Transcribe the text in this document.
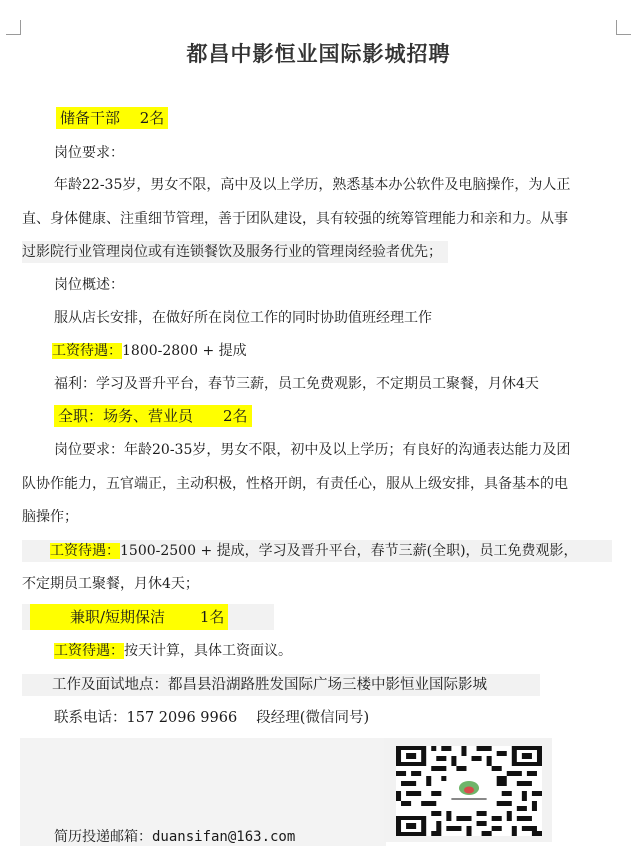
都昌中影恒业国际影城招聘
储备干部　 2名
岗位要求：
年龄22-35岁，男女不限，高中及以上学历，熟悉基本办公软件及电脑操作，为人正
直、身体健康、注重细节管理，善于团队建设，具有较强的统筹管理能力和亲和力。从事
过影院行业管理岗位或有连锁餐饮及服务行业的管理岗经验者优先；
岗位概述：
服从店长安排，在做好所在岗位工作的同时协助值班经理工作
工资待遇：1800-2800 + 提成
福利：学习及晋升平台，春节三薪，员工免费观影，不定期员工聚餐，月休4天
全职：场务、营业员　　2名
岗位要求：年龄20-35岁，男女不限，初中及以上学历；有良好的沟通表达能力及团
队协作能力，五官端正，主动积极，性格开朗，有责任心，服从上级安排，具备基本的电
脑操作；
工资待遇：1500-2500 + 提成，学习及晋升平台，春节三薪(全职)，员工免费观影，
不定期员工聚餐，月休4天；
兼职/短期保洁　　 1名
工资待遇：按天计算，具体工资面议。
工作及面试地点：都昌县沿湖路胜发国际广场三楼中影恒业国际影城
联系电话：157 2096 9966　 段经理(微信同号)
简历投递邮箱：duansifan@163.com
